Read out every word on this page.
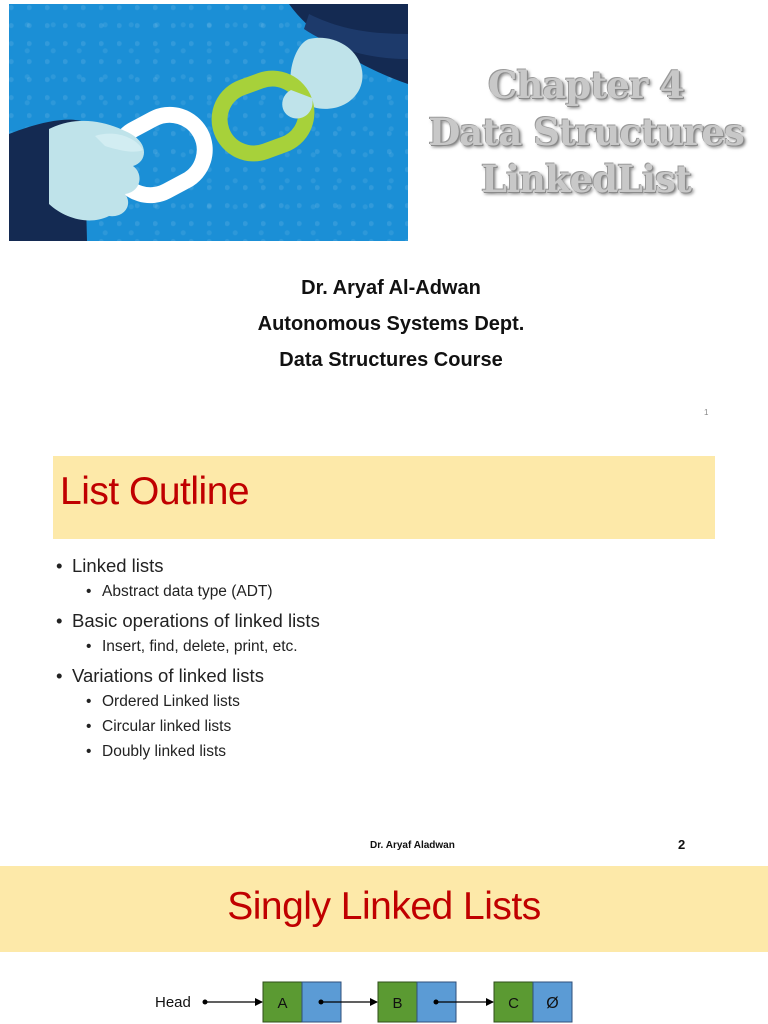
Chapter 4
Data Structures
LinkedList
Dr. Aryaf Al-Adwan
Autonomous Systems Dept.
Data Structures Course
1
List Outline
• Linked lists
• Abstract data type (ADT)
• Basic operations of linked lists
• Insert, find, delete, print, etc.
• Variations of linked lists
• Ordered Linked lists
• Circular linked lists
• Doubly linked lists
Dr. Aryaf Aladwan	2
Singly Linked Lists
Head	A	B	C Ø
